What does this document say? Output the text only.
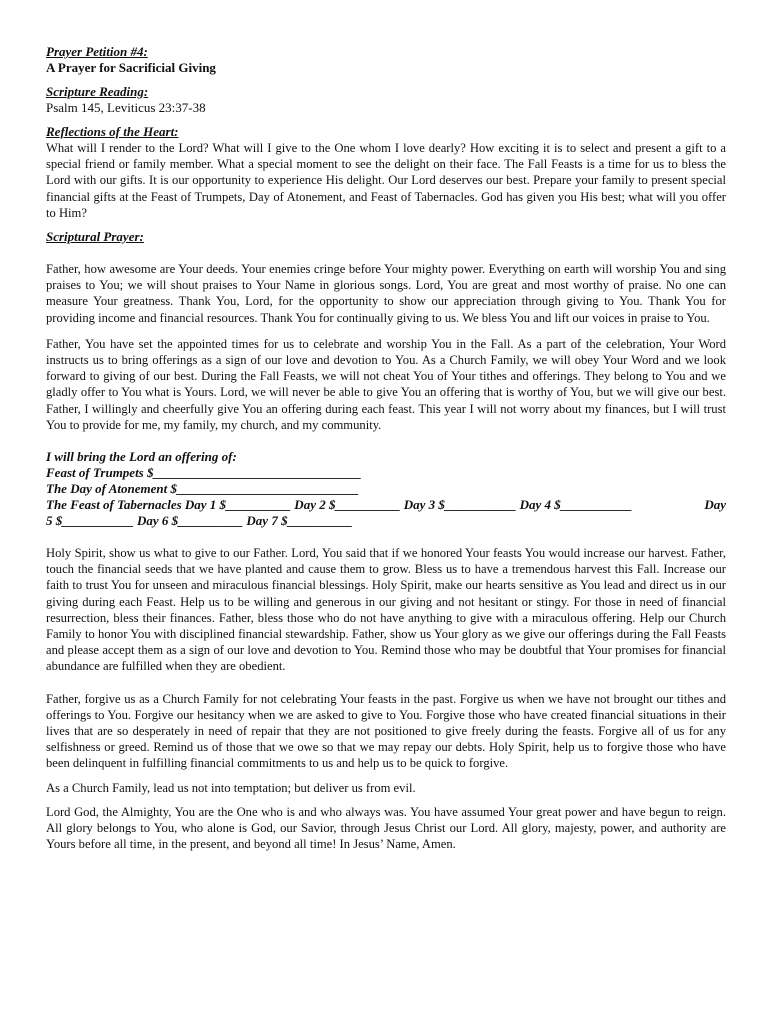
Prayer Petition #4:
A Prayer for Sacrificial Giving
Scripture Reading:
Psalm 145, Leviticus 23:37-38
Reflections of the Heart:
What will I render to the Lord? What will I give to the One whom I love dearly? How exciting it is to select and present a gift to a special friend or family member. What a special moment to see the delight on their face. The Fall Feasts is a time for us to bless the Lord with our gifts. It is our opportunity to experience His delight. Our Lord deserves our best. Prepare your family to present special financial gifts at the Feast of Trumpets, Day of Atonement, and Feast of Tabernacles. God has given you His best; what will you offer to Him?
Scriptural Prayer:
Father, how awesome are Your deeds. Your enemies cringe before Your mighty power. Everything on earth will worship You and sing praises to You; we will shout praises to Your Name in glorious songs. Lord, You are great and most worthy of praise. No one can measure Your greatness. Thank You, Lord, for the opportunity to show our appreciation through giving to You. Thank You for providing income and financial resources. Thank You for continually giving to us. We bless You and lift our voices in praise to You.
Father, You have set the appointed times for us to celebrate and worship You in the Fall. As a part of the celebration, Your Word instructs us to bring offerings as a sign of our love and devotion to You. As a Church Family, we will obey Your Word and we look forward to giving of our best. During the Fall Feasts, we will not cheat You of Your tithes and offerings. They belong to You and we gladly offer to You what is Yours. Lord, we will never be able to give You an offering that is worthy of You, but we will give our best. Father, I willingly and cheerfully give You an offering during each feast. This year I will not worry about my finances, but I will trust You to provide for me, my family, my church, and my community.
I will bring the Lord an offering of:
Feast of Trumpets $________________________________
The Day of Atonement $____________________________
The Feast of Tabernacles Day 1 $__________ Day 2 $__________ Day 3 $___________ Day 4 $___________	Day
5 $___________ Day 6 $__________ Day 7 $__________
Holy Spirit, show us what to give to our Father. Lord, You said that if we honored Your feasts You would increase our harvest. Father, touch the financial seeds that we have planted and cause them to grow. Bless us to have a tremendous harvest this Fall. Increase our faith to trust You for unseen and miraculous financial blessings. Holy Spirit, make our hearts sensitive as You lead and direct us in our giving during each Feast. Help us to be willing and generous in our giving and not hesitant or stingy. For those in need of financial resurrection, bless their finances. Father, bless those who do not have anything to give with a miraculous offering. Help our Church Family to honor You with disciplined financial stewardship. Father, show us Your glory as we give our offerings during the Fall Feasts and please accept them as a sign of our love and devotion to You. Remind those who may be doubtful that Your promises for financial abundance are fulfilled when they are obedient.
Father, forgive us as a Church Family for not celebrating Your feasts in the past. Forgive us when we have not brought our tithes and offerings to You. Forgive our hesitancy when we are asked to give to You. Forgive those who have created financial situations in their lives that are so desperately in need of repair that they are not positioned to give freely during the feasts. Forgive all of us for any selfishness or greed. Remind us of those that we owe so that we may repay our debts. Holy Spirit, help us to forgive those who have been delinquent in fulfilling financial commitments to us and help us to be quick to forgive.
As a Church Family, lead us not into temptation; but deliver us from evil.
Lord God, the Almighty, You are the One who is and who always was. You have assumed Your great power and have begun to reign. All glory belongs to You, who alone is God, our Savior, through Jesus Christ our Lord. All glory, majesty, power, and authority are Yours before all time, in the present, and beyond all time! In Jesus’ Name, Amen.
